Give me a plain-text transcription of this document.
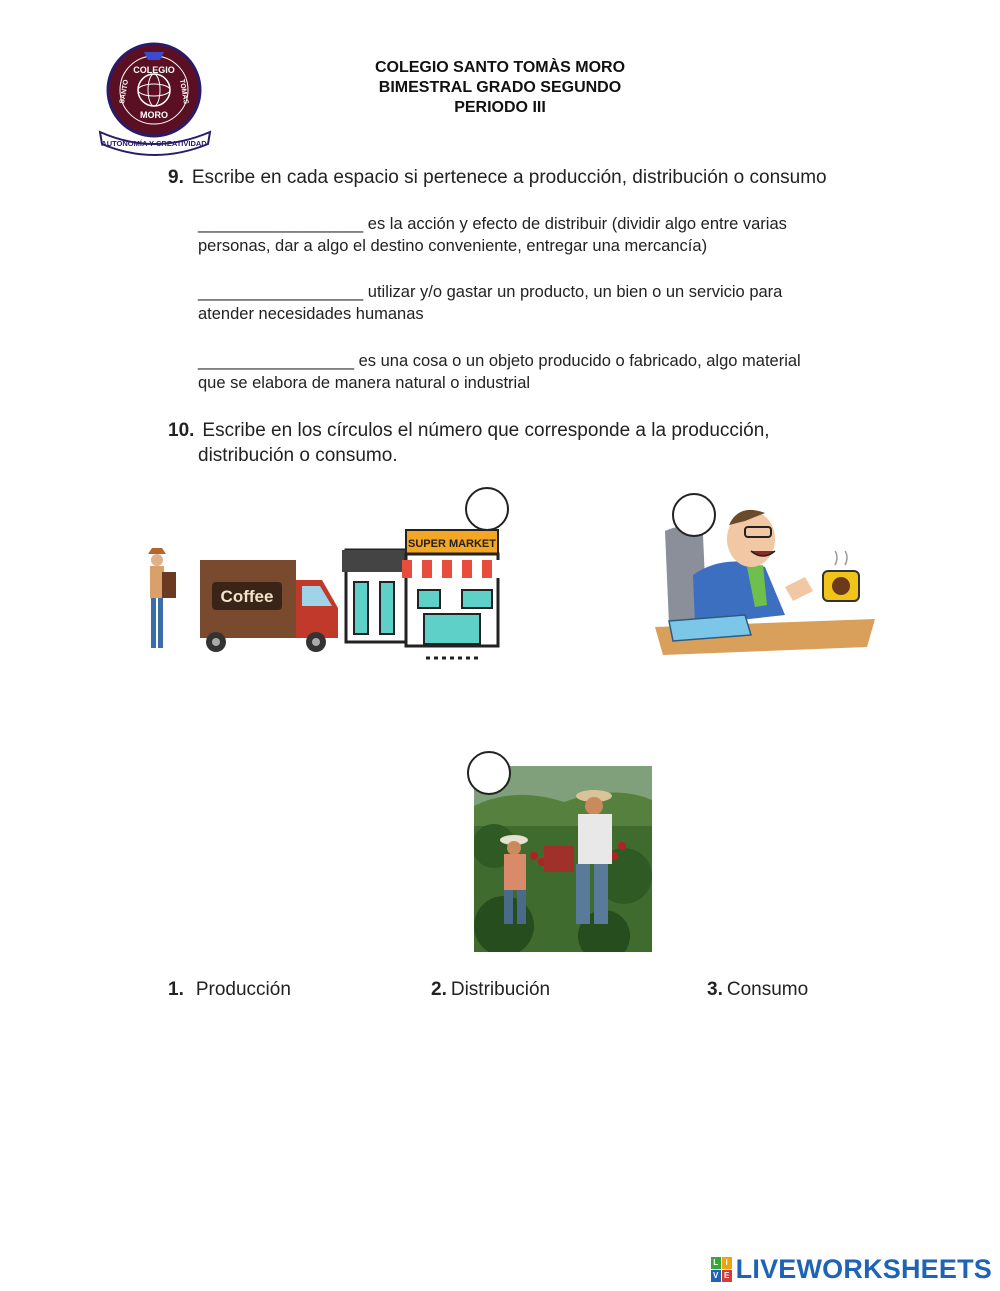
COLEGIO
MORO
SANTO	TOMAS
AUTONOMÍA Y CREATIVIDAD
COLEGIO SANTO TOMÀS MORO
BIMESTRAL GRADO SEGUNDO
PERIODO III
9. Escribe en cada espacio si pertenece a producción, distribución o consumo
__________________ es la acción y efecto de distribuir (dividir algo entre varias
personas, dar a algo el destino conveniente, entregar una mercancía)
__________________ utilizar y/o gastar un producto, un bien o un servicio para
atender necesidades humanas
_________________ es una cosa o un objeto producido o fabricado, algo material
que se elabora de manera natural o industrial
10. Escribe en los círculos el número que corresponde a la producción,
distribución o consumo.
Coffee
SUPER MARKET
1. Producción	2. Distribución	3. Consumo
L I
V E LIVEWORKSHEETS
